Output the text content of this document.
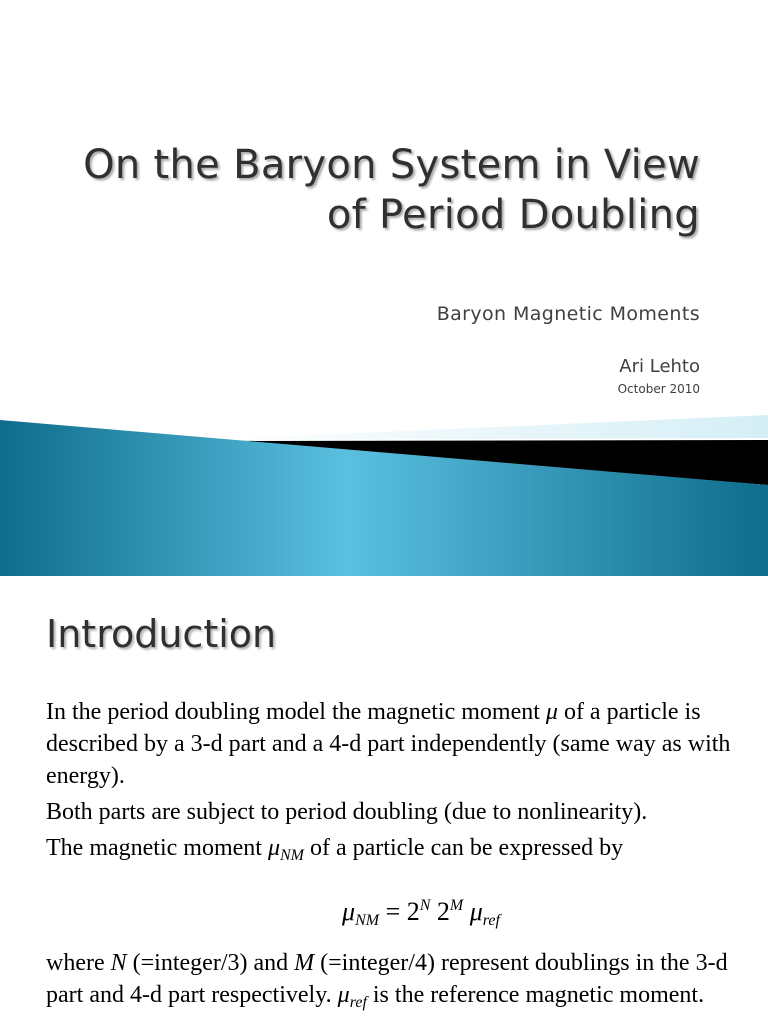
On the Baryon System in View
of Period Doubling
Baryon Magnetic Moments
Ari Lehto
October 2010
Introduction

In the period doubling model the magnetic moment μ of a particle is described by a 3-d part and a 4-d part independently (same way as with energy).

Both parts are subject to period doubling (due to nonlinearity).

The magnetic moment $\mu_{NM}$ of a particle can be expressed by

$\mu_{NM} = 2^N$ $2^M$ $\mu_{ref}$

where N (=integer/3) and M (=integer/4) represent doublings in the 3-d part and 4-d part respectively. $\mu_{ref}$ is the reference magnetic moment.
